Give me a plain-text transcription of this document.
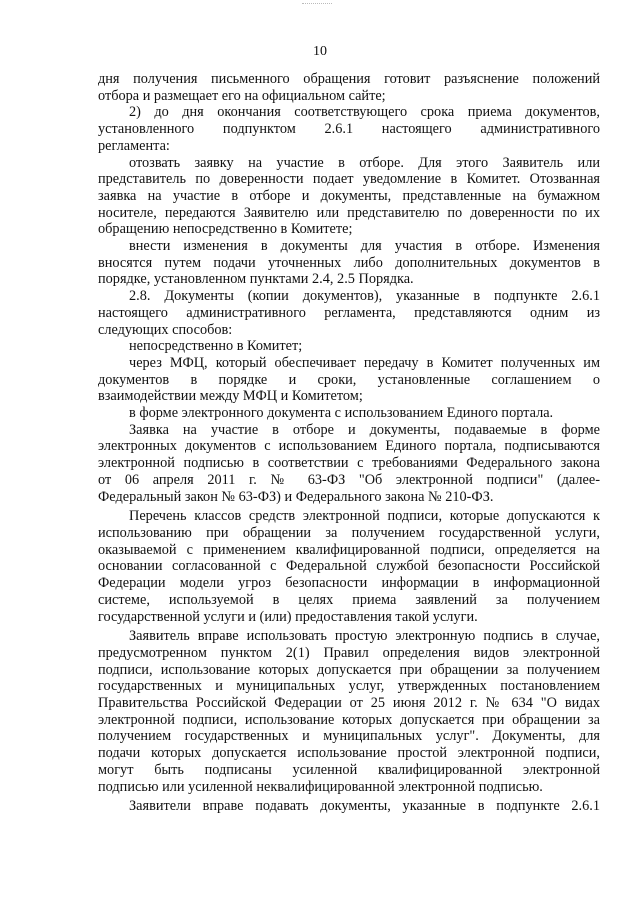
10
дня получения письменного обращения готовит разъяснение положений
отбора и размещает его на официальном сайте;
2) до дня окончания соответствующего срока приема документов,
установленного подпунктом 2.6.1 настоящего административного
регламента:
отозвать заявку на участие в отборе. Для этого Заявитель или
представитель по доверенности подает уведомление в Комитет. Отозванная
заявка на участие в отборе и документы, представленные на бумажном
носителе, передаются Заявителю или представителю по доверенности по их
обращению непосредственно в Комитете;
внести изменения в документы для участия в отборе. Изменения
вносятся путем подачи уточненных либо дополнительных документов в
порядке, установленном пунктами 2.4, 2.5 Порядка.
2.8. Документы (копии документов), указанные в подпункте 2.6.1
настоящего административного регламента, представляются одним из
следующих способов:
непосредственно в Комитет;
через МФЦ, который обеспечивает передачу в Комитет полученных им
документов в порядке и сроки, установленные соглашением о
взаимодействии между МФЦ и Комитетом;
в форме электронного документа с использованием Единого портала.
Заявка на участие в отборе и документы, подаваемые в форме
электронных документов с использованием Единого портала, подписываются
электронной подписью в соответствии с требованиями Федерального закона
от 06 апреля 2011 г. № 63-ФЗ "Об электронной подписи" (далее-
Федеральный закон № 63-ФЗ) и Федерального закона № 210-ФЗ.
Перечень классов средств электронной подписи, которые допускаются к
использованию при обращении за получением государственной услуги,
оказываемой с применением квалифицированной подписи, определяется на
основании согласованной с Федеральной службой безопасности Российской
Федерации модели угроз безопасности информации в информационной
системе, используемой в целях приема заявлений за получением
государственной услуги и (или) предоставления такой услуги.
Заявитель вправе использовать простую электронную подпись в случае,
предусмотренном пунктом 2(1) Правил определения видов электронной
подписи, использование которых допускается при обращении за получением
государственных и муниципальных услуг, утвержденных постановлением
Правительства Российской Федерации от 25 июня 2012 г. № 634 "О видах
электронной подписи, использование которых допускается при обращении за
получением государственных и муниципальных услуг". Документы, для
подачи которых допускается использование простой электронной подписи,
могут быть подписаны усиленной квалифицированной электронной
подписью или усиленной неквалифицированной электронной подписью.
Заявители вправе подавать документы, указанные в подпункте 2.6.1
